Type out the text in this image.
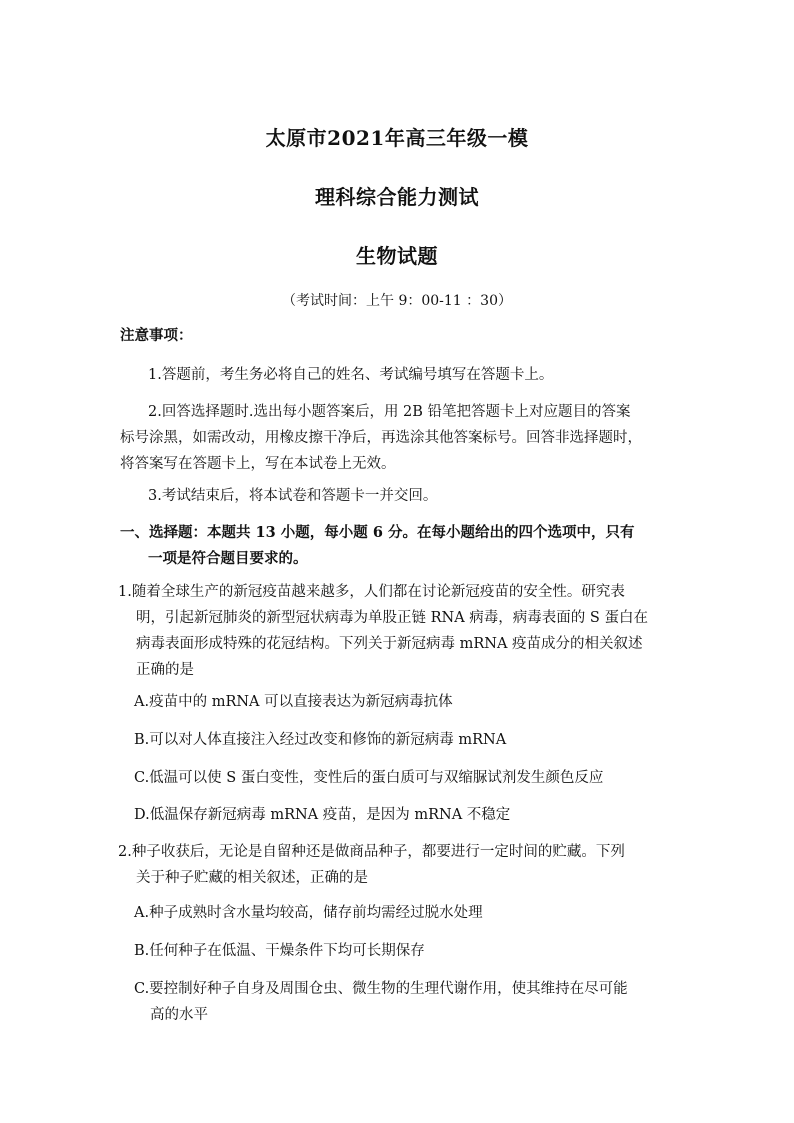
太原市2021年高三年级一模
理科综合能力测试
生物试题
（考试时间：上午 9：00-11 ：30）
注意事项：
1.答题前，考生务必将自己的姓名、考试编号填写在答题卡上。
2.回答选择题时.选出每小题答案后，用 2B 铅笔把答题卡上对应题目的答案
标号涂黑，如需改动，用橡皮擦干净后，再选涂其他答案标号。回答非选择题时，
将答案写在答题卡上，写在本试卷上无效。
3.考试结束后，将本试卷和答题卡一并交回。
一、选择题：本题共 13 小题，每小题 6 分。在每小题给出的四个选项中，只有
一项是符合题目要求的。
1.随着全球生产的新冠疫苗越来越多，人们都在讨论新冠疫苗的安全性。研究表
明，引起新冠肺炎的新型冠状病毒为单股正链 RNA 病毒，病毒表面的 S 蛋白在
病毒表面形成特殊的花冠结构。下列关于新冠病毒 mRNA 疫苗成分的相关叙述
正确的是
A.疫苗中的 mRNA 可以直接表达为新冠病毒抗体
B.可以对人体直接注入经过改变和修饰的新冠病毒 mRNA
C.低温可以使 S 蛋白变性，变性后的蛋白质可与双缩脲试剂发生颜色反应
D.低温保存新冠病毒 mRNA 疫苗，是因为 mRNA 不稳定
2.种子收获后，无论是自留种还是做商品种子，都要进行一定时间的贮藏。下列
关于种子贮藏的相关叙述，正确的是
A.种子成熟时含水量均较高，储存前均需经过脱水处理
B.任何种子在低温、干燥条件下均可长期保存
C.要控制好种子自身及周围仓虫、微生物的生理代谢作用，使其维持在尽可能
高的水平
